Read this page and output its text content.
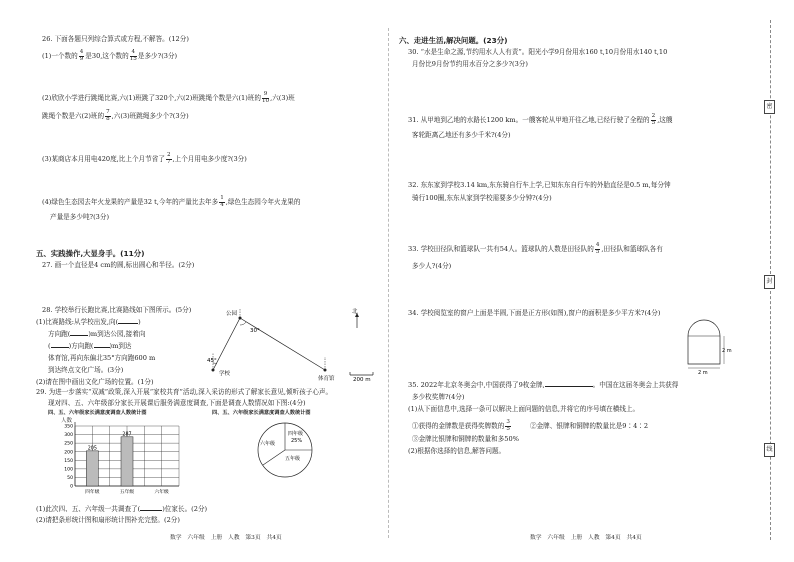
26. 下面各题只列综合算式或方程,不解答。(12分)
(1)一个数的 $\frac{4}{9}$ 是30,这个数的 $\frac{4}{15}$ 是多少?(3分)
(2)欣欣小学进行跳绳比赛,六(1)班跳了320个,六(2)班跳绳个数是六(1)班的 $\frac{9}{10}$ ,六(3)班
跳绳个数是六(2)班的 $\frac{7}{8}$ ,六(3)班跳绳多少个?(3分)
(3)某商店本月用电420度,比上个月节省了 $\frac{2}{7}$ ,上个月用电多少度?(3分)
(4)绿色生态园去年火龙果的产量是32 t,今年的产量比去年多 $\frac{1}{4}$ ,绿色生态园今年火龙果的
产量是多少吨?(3分)
五、实践操作,大显身手。(11分)
27. 画一个直径是4 cm的圆,标出圆心和半径。(2分)
28. 学校举行长跑比赛,比赛路线如下图所示。(5分)
(1)比赛路线:从学校出发,向(	)
方向跑(	)m到达公园,接着向
(	)方向跑( )m到达
体育馆,再向东偏北35°方向跑600 m
到达终点文化广场。(3分)
(2)请在图中画出文化广场的位置。(1分)
公园
学校
体育馆
30°
45°
200 m
北
29. 为进一步落实“双减”政策,深入开展“家校共育”活动,深入采访的形式了解家长意见,倾听孩子心声。
现对四、五、六年级部分家长开展课后服务满意度调查,下面是调查人数情况如下图:(4分)
四、五、六年级家长满意度调查人数统计图	四、五、六年级家长满意度调查人数统计图
人数
0
50
100
150
200
250
300
350
205
四年级
287
五年级	六年级
四年级
25%
六年级
五年级
(1)此次四、五、六年级一共调查了(	)位家长。(2分)
(2)请把条形统计图和扇形统计图补充完整。(2分)
数学　六年级　上册　人教　第3页　共4页
六、走进生活,解决问题。(23分)
30. “水是生命之源,节约用水人人有责”。阳光小学9月份用水160 t,10月份用水140 t,10
月份比9月份节约用水百分之多少?(3分)
31. 从甲地到乙地的水路长1200 km。一艘客轮从甲地开往乙地,已经行驶了全程的 $\frac{2}{5}$ ,这艘
客轮距离乙地还有多少千米?(4分)
32. 东东家到学校3.14 km,东东骑自行车上学,已知东东自行车的外胎直径是0.5 m,每分钟
骑行100圈,东东从家到学校需要多少分钟?(4分)
33. 学校田径队和篮球队一共有54人。篮球队的人数是田径队的 $\frac{4}{5}$ ,田径队和篮球队各有
多少人?(4分)
34. 学校阅览室的窗户上面是半圆,下面是正方形(如图),窗户的面积是多少平方米?(4分)
2 m
2 m
35. 2022年北京冬奥会中,中国获得了9枚金牌,	。中国在这届冬奥会上共获得
多少枚奖牌?(4分)
(1)从下面信息中,选择一条可以解决上面问题的信息,并将它的序号填在横线上。
①获得的金牌数是获得奖牌数的 $\frac{3}{5}$	②金牌、银牌和铜牌的数量比是9∶4∶2
③金牌比银牌和铜牌的数量和多50%
(2)根据你选择的信息,解答问题。
数学　六年级　上册　人教　第4页　共4页
密
封
线
